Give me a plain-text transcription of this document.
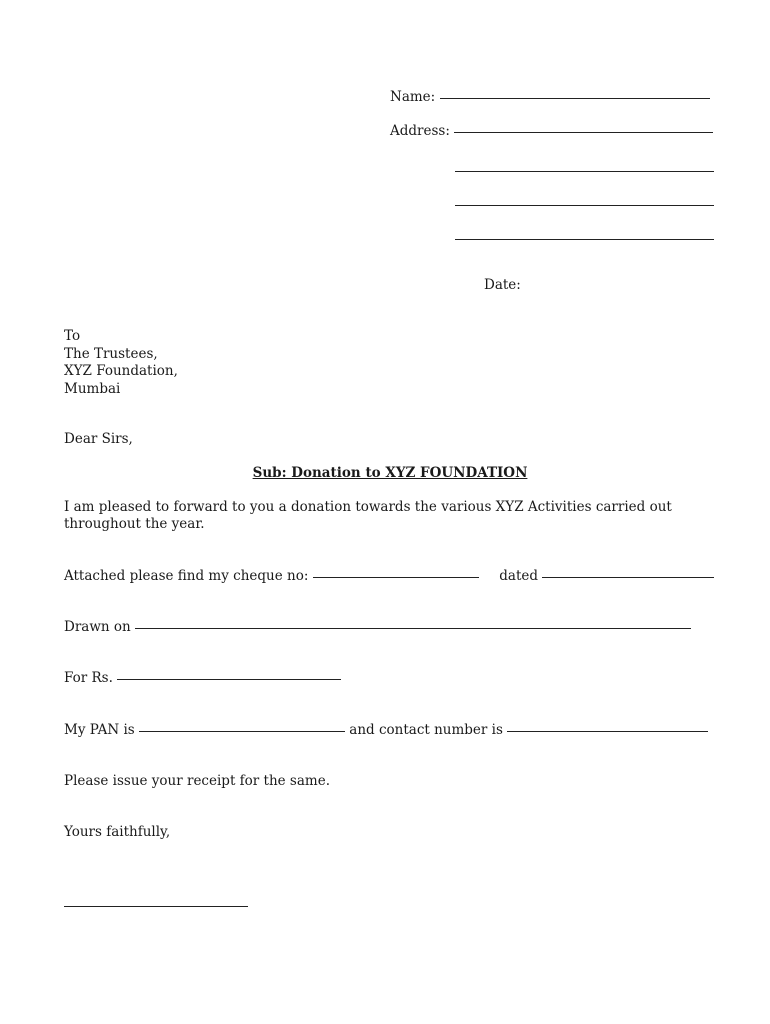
Name:
Address:
Date:
To
The Trustees,
XYZ Foundation,
Mumbai
Dear Sirs,
Sub: Donation to XYZ FOUNDATION
I am pleased to forward to you a donation towards the various XYZ Activities carried out throughout the year.
Attached please find my cheque no:	dated
Drawn on
For Rs.
My PAN is	and contact number is
Please issue your receipt for the same.
Yours faithfully,
